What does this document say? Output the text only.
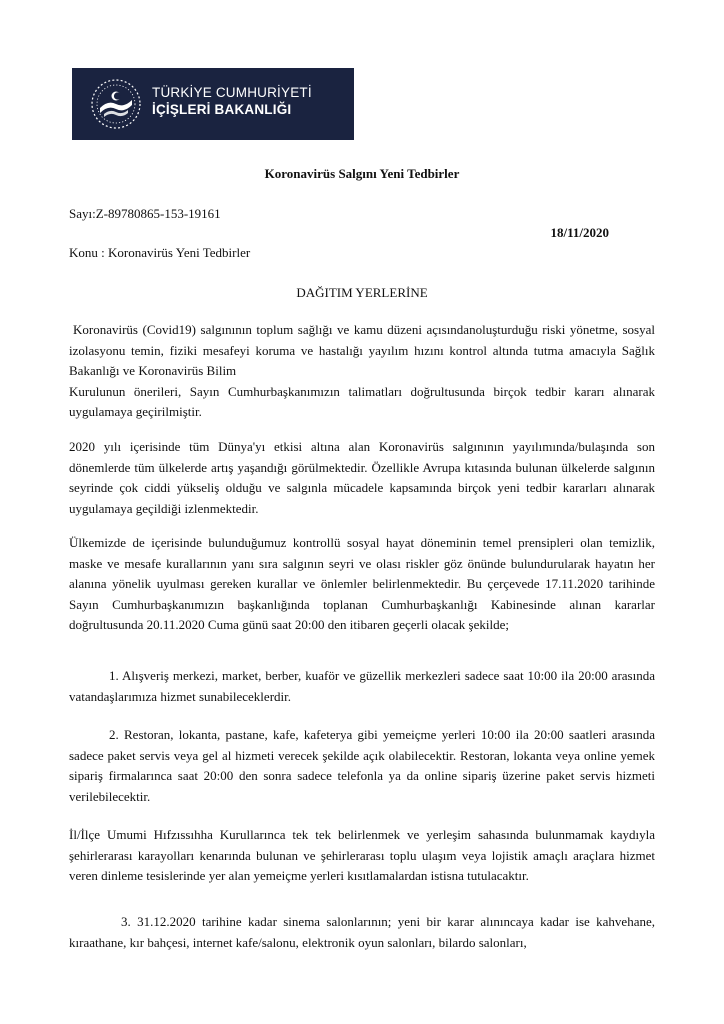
TÜRKİYE CUMHURİYETİ
İÇİŞLERİ BAKANLIĞI
Koronavirüs Salgını Yeni Tedbirler
Sayı:Z-89780865-153-19161
18/11/2020
Konu : Koronavirüs Yeni Tedbirler
DAĞITIM YERLERİNE
Koronavirüs (Covid19) salgınının toplum sağlığı ve kamu düzeni açısındanoluşturduğu riski yönetme, sosyal izolasyonu temin, fiziki mesafeyi koruma ve hastalığı yayılım hızını kontrol altında tutma amacıyla Sağlık Bakanlığı ve Koronavirüs Bilim
Kurulunun önerileri, Sayın Cumhurbaşkanımızın talimatları doğrultusunda birçok tedbir kararı alınarak uygulamaya geçirilmiştir.
2020 yılı içerisinde tüm Dünya'yı etkisi altına alan Koronavirüs salgınının yayılımında/bulaşında son dönemlerde tüm ülkelerde artış yaşandığı görülmektedir. Özellikle Avrupa kıtasında bulunan ülkelerde salgının seyrinde çok ciddi yükseliş olduğu ve salgınla mücadele kapsamında birçok yeni tedbir kararları alınarak uygulamaya geçildiği izlenmektedir.
Ülkemizde de içerisinde bulunduğumuz kontrollü sosyal hayat döneminin temel prensipleri olan temizlik, maske ve mesafe kurallarının yanı sıra salgının seyri ve olası riskler göz önünde bulundurularak hayatın her alanına yönelik uyulması gereken kurallar ve önlemler belirlenmektedir. Bu çerçevede 17.11.2020 tarihinde Sayın Cumhurbaşkanımızın başkanlığında toplanan Cumhurbaşkanlığı Kabinesinde alınan kararlar doğrultusunda 20.11.2020 Cuma günü saat 20:00 den itibaren geçerli olacak şekilde;
1. Alışveriş merkezi, market, berber, kuaför ve güzellik merkezleri sadece saat 10:00 ila 20:00 arasında vatandaşlarımıza hizmet sunabileceklerdir.
2. Restoran, lokanta, pastane, kafe, kafeterya gibi yemeiçme yerleri 10:00 ila 20:00 saatleri arasında sadece paket servis veya gel al hizmeti verecek şekilde açık olabilecektir. Restoran, lokanta veya online yemek sipariş firmalarınca saat 20:00 den sonra sadece telefonla ya da online sipariş üzerine paket servis hizmeti verilebilecektir.
İl/İlçe Umumi Hıfzıssıhha Kurullarınca tek tek belirlenmek ve yerleşim sahasında bulunmamak kaydıyla şehirlerarası karayolları kenarında bulunan ve şehirlerarası toplu ulaşım veya lojistik amaçlı araçlara hizmet veren dinleme tesislerinde yer alan yemeiçme yerleri kısıtlamalardan istisna tutulacaktır.
3. 31.12.2020 tarihine kadar sinema salonlarının; yeni bir karar alınıncaya kadar ise kahvehane, kıraathane, kır bahçesi, internet kafe/salonu, elektronik oyun salonları, bilardo salonları,
